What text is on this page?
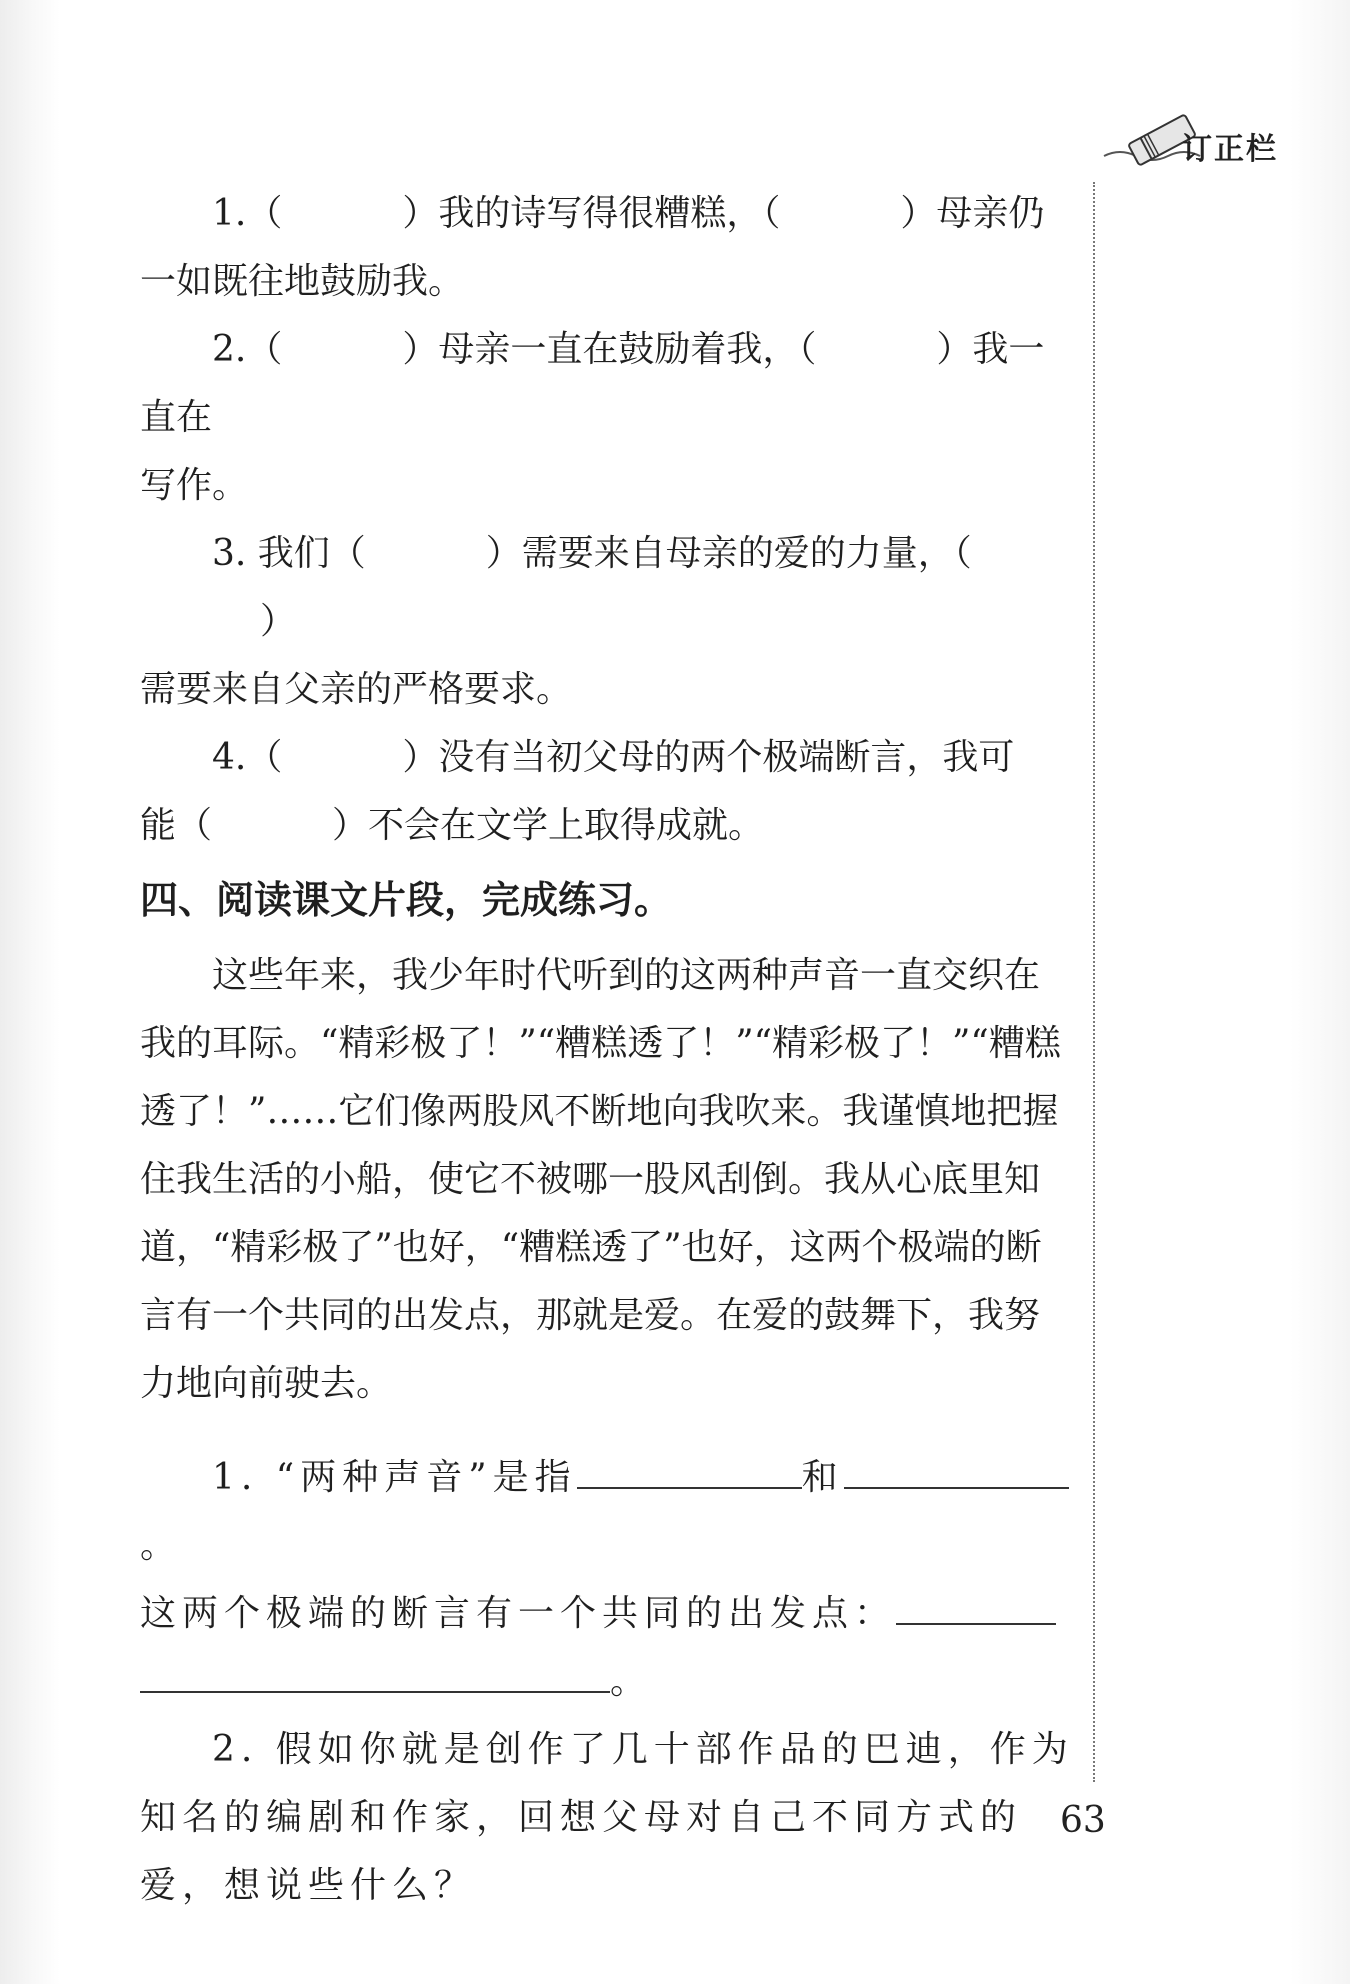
订正栏

1.（	）我的诗写得很糟糕，（	）母亲仍

一如既往地鼓励我。

2.（	）母亲一直在鼓励着我，（	）我一直在

写作。

3. 我们（	）需要来自母亲的爱的力量，（）

需要来自父亲的严格要求。

4.（	）没有当初父母的两个极端断言，我可

能（	）不会在文学上取得成就。

四、阅读课文片段，完成练习。

这些年来，我少年时代听到的这两种声音一直交织在我的耳际。“精彩极了！”“糟糕透了！”“精彩极了！”“糟糕透了！”……它们像两股风不断地向我吹来。我谨慎地把握住我生活的小船，使它不被哪一股风刮倒。我从心底里知道，“精彩极了”也好，“糟糕透了”也好，这两个极端的断言有一个共同的出发点，那就是爱。在爱的鼓舞下，我努力地向前驶去。

1. “两种声音”是指	和。

这两个极端的断言有一个共同的出发点：

。

2. 假如你就是创作了几十部作品的巴迪，作为知名的编剧和作家，回想父母对自己不同方式的爱，想说些什么？

63
